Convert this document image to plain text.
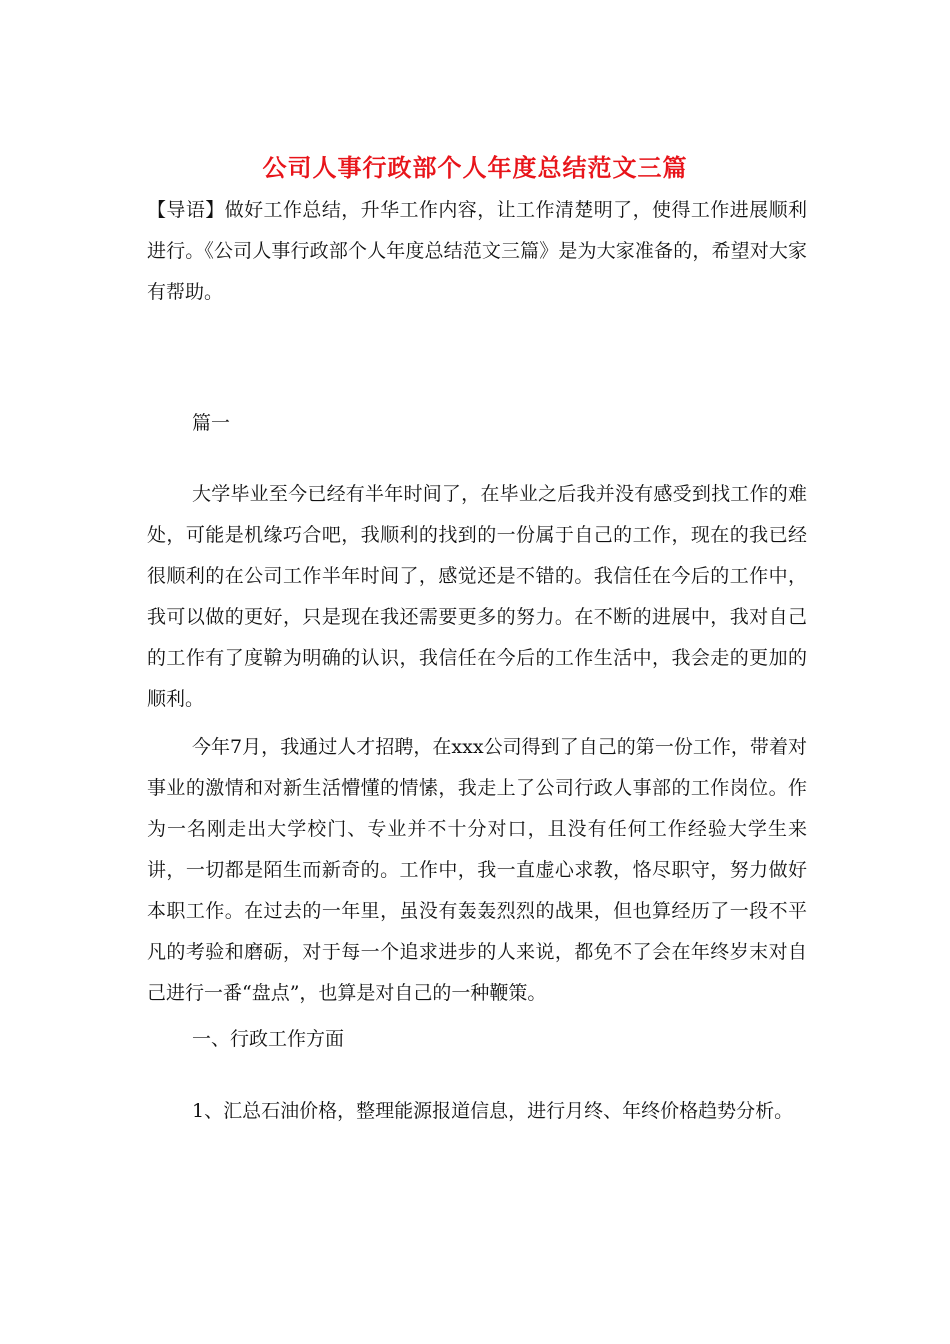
公司人事行政部个人年度总结范文三篇

【导语】做好工作总结，升华工作内容，让工作清楚明了，使得工作进展顺利进行。《公司人事行政部个人年度总结范文三篇》是为大家准备的，希望对大家有帮助。

篇一

大学毕业至今已经有半年时间了，在毕业之后我并没有感受到找工作的难处，可能是机缘巧合吧，我顺利的找到的一份属于自己的工作，现在的我已经很顺利的在公司工作半年时间了，感觉还是不错的。我信任在今后的工作中，我可以做的更好，只是现在我还需要更多的努力。在不断的进展中，我对自己的工作有了度鞥为明确的认识，我信任在今后的工作生活中，我会走的更加的顺利。

今年7月，我通过人才招聘，在xxx公司得到了自己的第一份工作，带着对事业的激情和对新生活懵懂的情愫，我走上了公司行政人事部的工作岗位。作为一名刚走出大学校门、专业并不十分对口，且没有任何工作经验大学生来讲，一切都是陌生而新奇的。工作中，我一直虚心求教，恪尽职守，努力做好本职工作。在过去的一年里，虽没有轰轰烈烈的战果，但也算经历了一段不平凡的考验和磨砺，对于每一个追求进步的人来说，都免不了会在年终岁末对自己进行一番“盘点”，也算是对自己的一种鞭策。

一、行政工作方面

1、汇总石油价格，整理能源报道信息，进行月终、年终价格趋势分析。
